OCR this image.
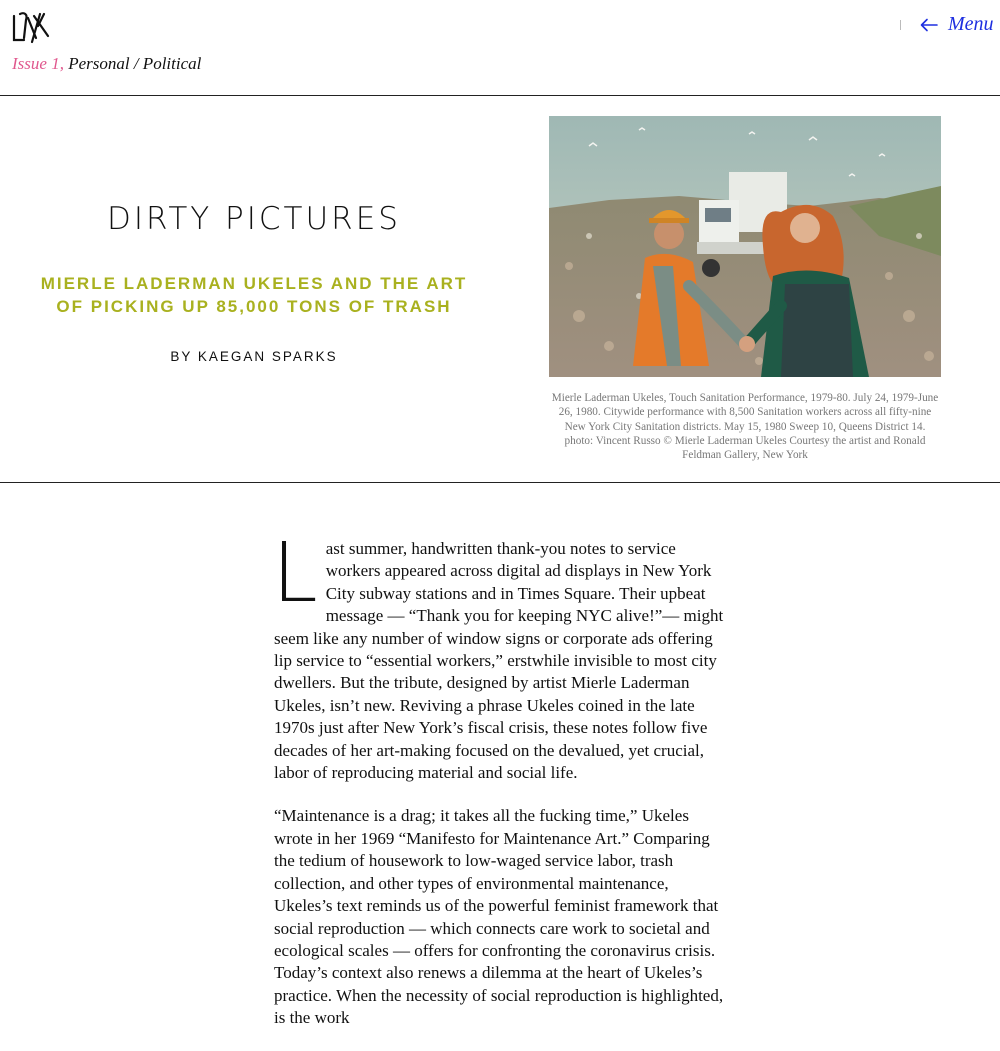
Issue 1, Personal / Political

Menu
DIRTY PICTURES
MIERLE LADERMAN UKELES AND THE ART OF PICKING UP 85,000 TONS OF TRASH

BY KAEGAN SPARKS

Mierle Laderman Ukeles, Touch Sanitation Performance, 1979-80. July 24, 1979-June 26, 1980. Citywide performance with 8,500 Sanitation workers across all fifty-nine New York City Sanitation districts. May 15, 1980 Sweep 10, Queens District 14. photo: Vincent Russo © Mierle Laderman Ukeles Courtesy the artist and Ronald Feldman Gallery, New York

Last summer, handwritten thank-you notes to service workers appeared across digital ad displays in New York City subway stations and in Times Square. Their upbeat message — “Thank you for keeping NYC alive!”— might seem like any number of window signs or corporate ads offering lip service to “essential workers,” erstwhile invisible to most city dwellers. But the tribute, designed by artist Mierle Laderman Ukeles, isn’t new. Reviving a phrase Ukeles coined in the late 1970s just after New York’s fiscal crisis, these notes follow five decades of her art-making focused on the devalued, yet crucial, labor of reproducing material and social life.

“Maintenance is a drag; it takes all the fucking time,” Ukeles wrote in her 1969 “Manifesto for Maintenance Art.” Comparing the tedium of housework to low-waged service labor, trash collection, and other types of environmental maintenance, Ukeles’s text reminds us of the powerful feminist framework that social reproduction — which connects care work to societal and ecological scales — offers for confronting the coronavirus crisis. Today’s context also renews a dilemma at the heart of Ukeles’s practice. When the necessity of social reproduction is highlighted, is the work
